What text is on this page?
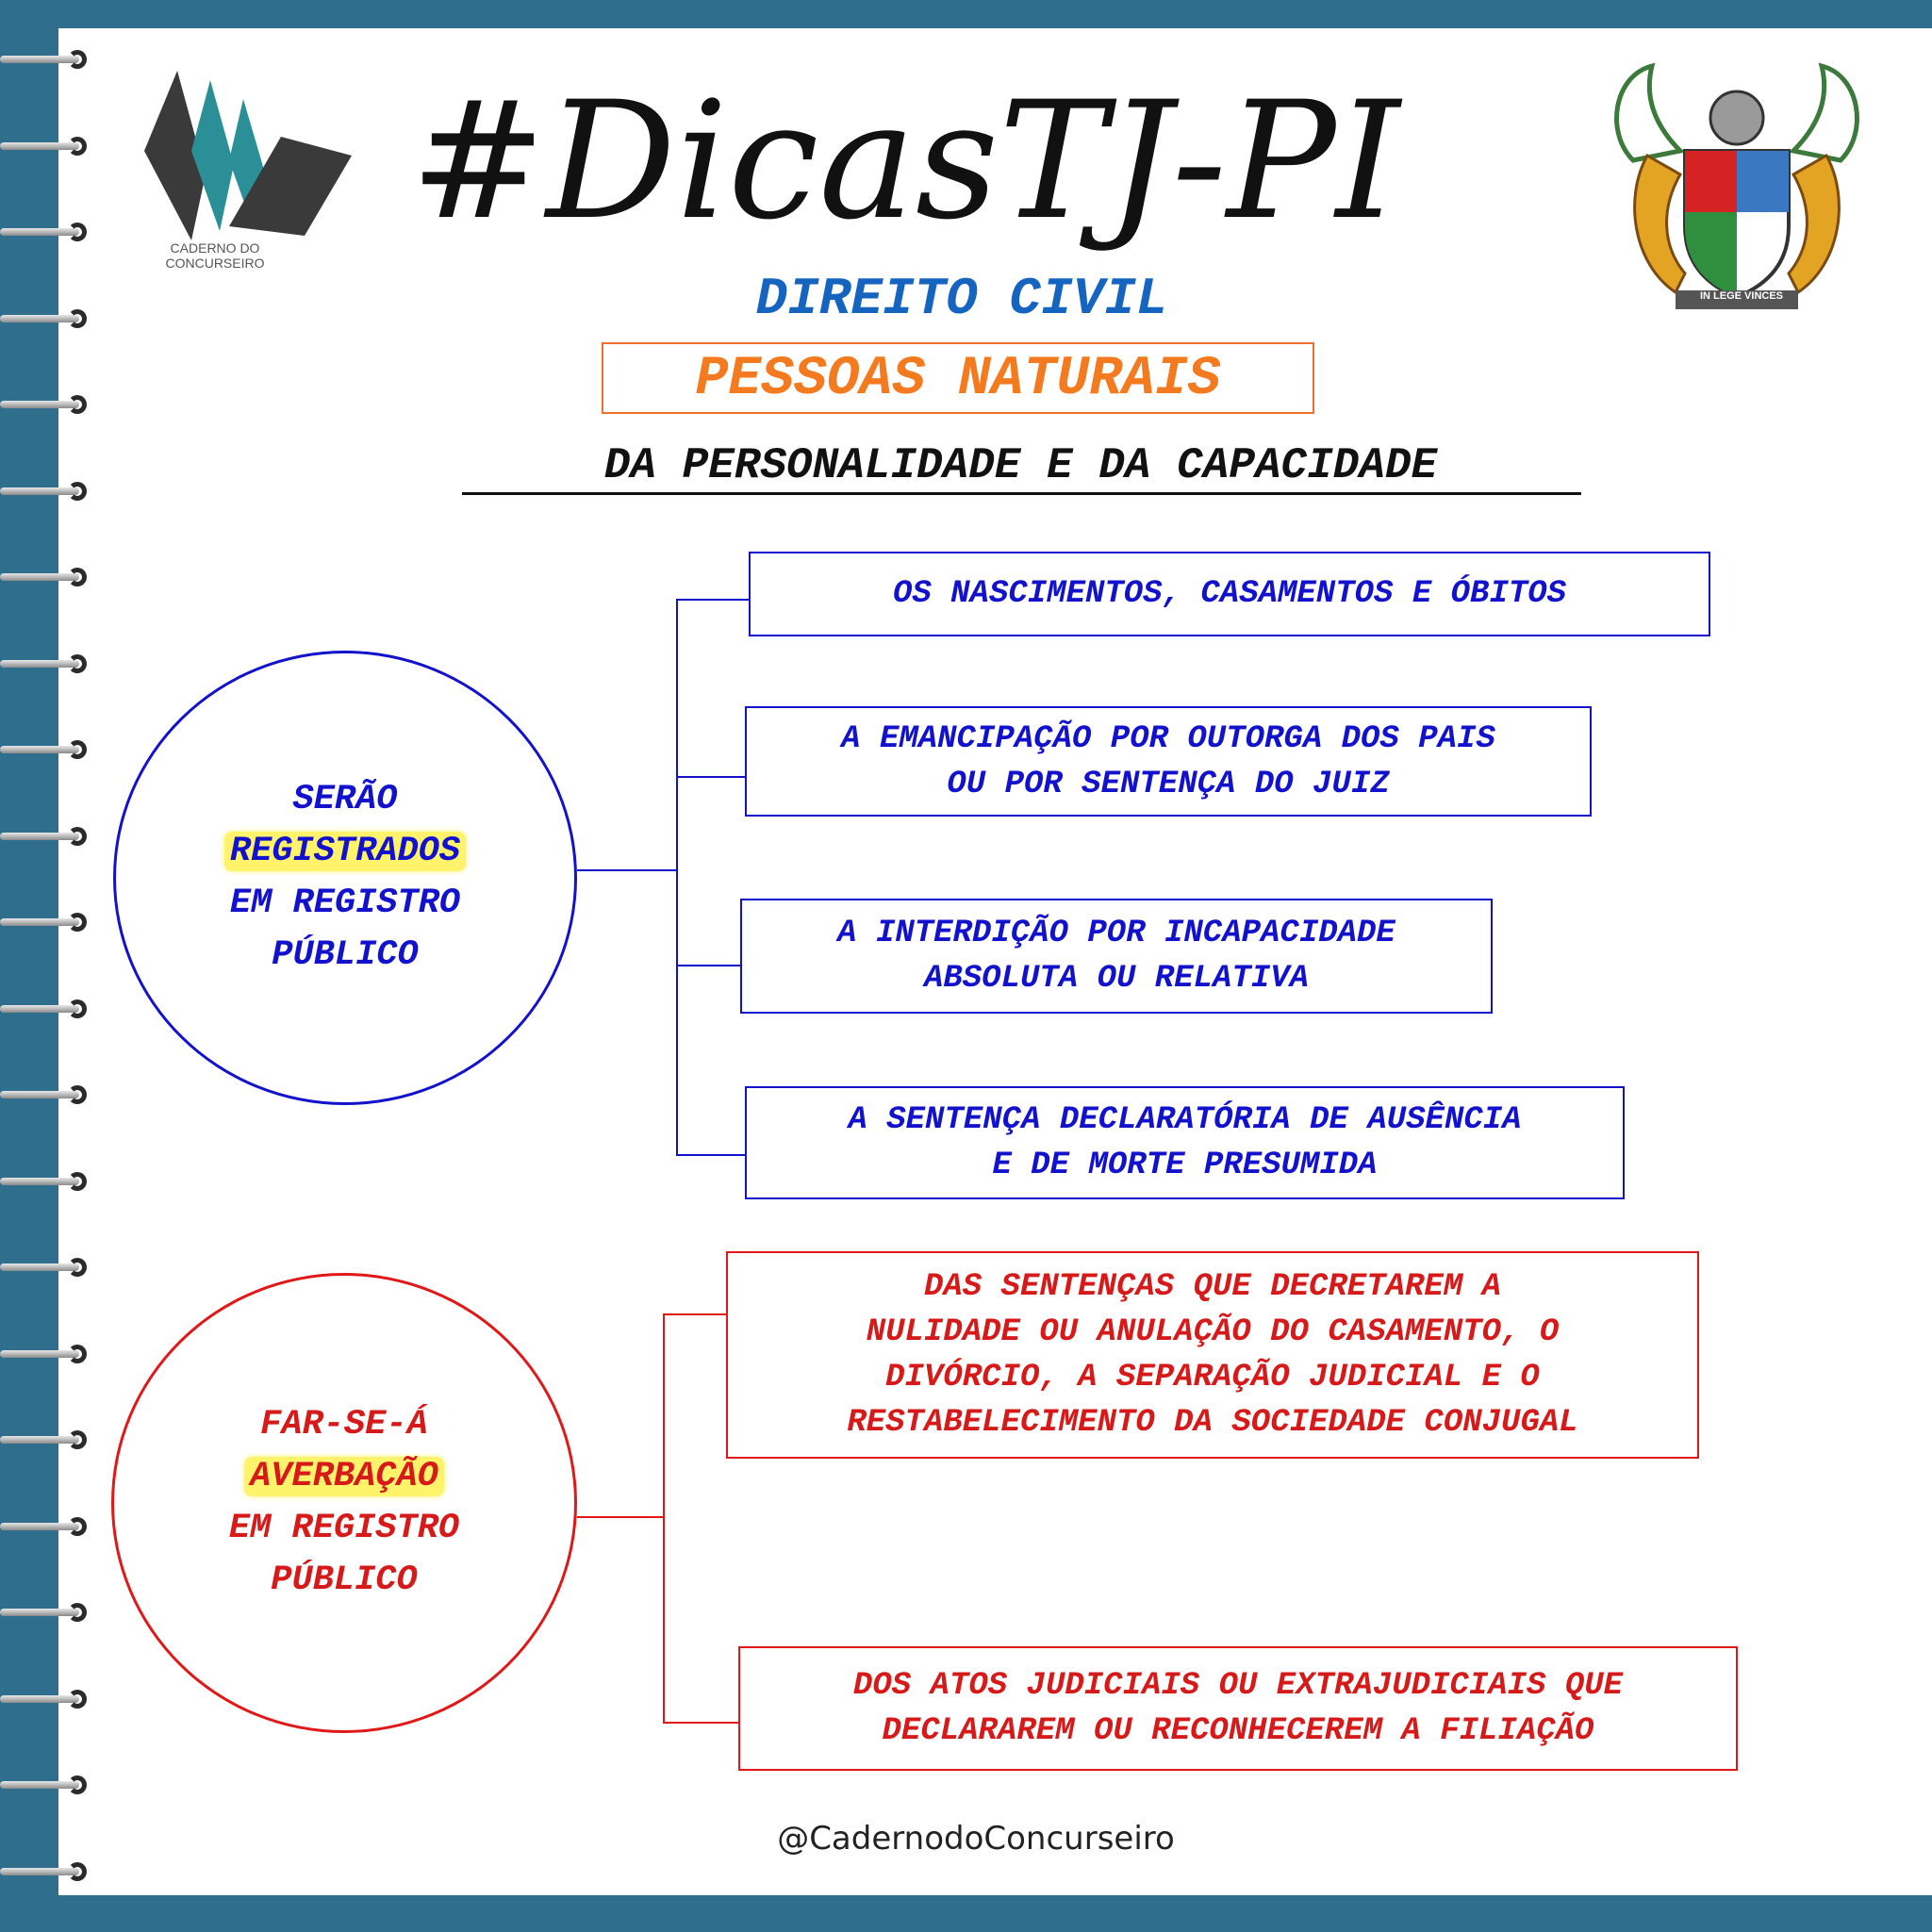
CADERNO DO
CONCURSEIRO
IN LEGE VINCES
#DicasTJ-PI
DIREITO CIVIL
PESSOAS NATURAIS
DA PERSONALIDADE E DA CAPACIDADE
SERÃO
REGISTRADOS
EM REGISTRO
PÚBLICO
OS NASCIMENTOS, CASAMENTOS E ÓBITOS
A EMANCIPAÇÃO POR OUTORGA DOS PAIS
OU POR SENTENÇA DO JUIZ
A INTERDIÇÃO POR INCAPACIDADE
ABSOLUTA OU RELATIVA
A SENTENÇA DECLARATÓRIA DE AUSÊNCIA
E DE MORTE PRESUMIDA
FAR-SE-Á
AVERBAÇÃO
EM REGISTRO
PÚBLICO
DAS SENTENÇAS QUE DECRETAREM A
NULIDADE OU ANULAÇÃO DO CASAMENTO, O
DIVÓRCIO, A SEPARAÇÃO JUDICIAL E O
RESTABELECIMENTO DA SOCIEDADE CONJUGAL
DOS ATOS JUDICIAIS OU EXTRAJUDICIAIS QUE
DECLARAREM OU RECONHECEREM A FILIAÇÃO
@CadernodoConcurseiro
